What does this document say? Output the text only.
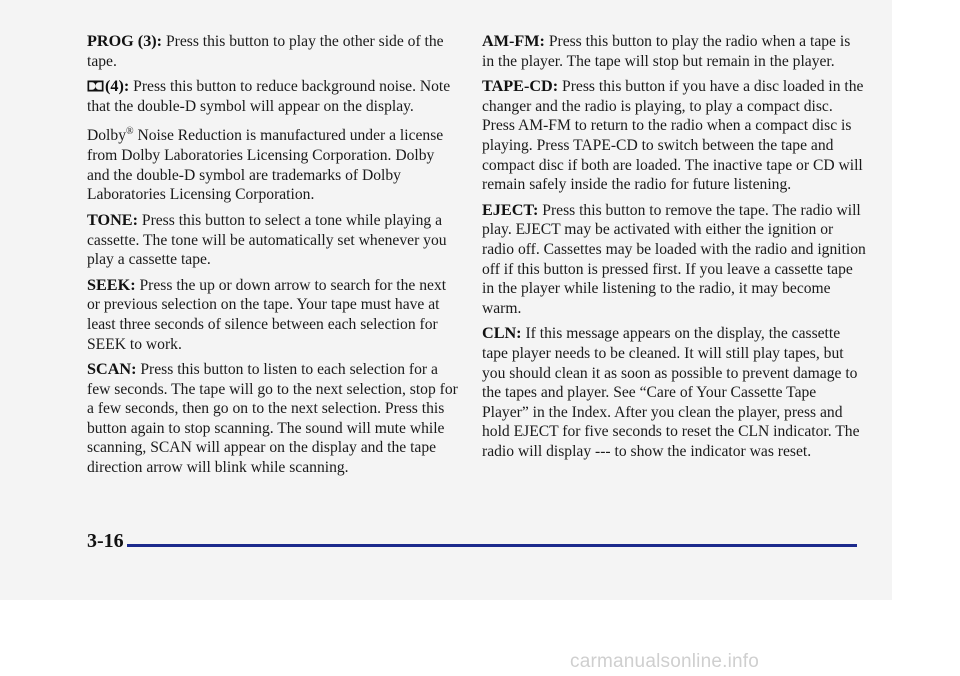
PROG (3): Press this button to play the other side of the tape.

(4): Press this button to reduce background noise. Note that the double-D symbol will appear on the display.

Dolby® Noise Reduction is manufactured under a license from Dolby Laboratories Licensing Corporation. Dolby and the double-D symbol are trademarks of Dolby Laboratories Licensing Corporation.

TONE: Press this button to select a tone while playing a cassette. The tone will be automatically set whenever you play a cassette tape.

SEEK: Press the up or down arrow to search for the next or previous selection on the tape. Your tape must have at least three seconds of silence between each selection for SEEK to work.

SCAN: Press this button to listen to each selection for a few seconds. The tape will go to the next selection, stop for a few seconds, then go on to the next selection. Press this button again to stop scanning. The sound will mute while scanning, SCAN will appear on the display and the tape direction arrow will blink while scanning.

AM-FM: Press this button to play the radio when a tape is in the player. The tape will stop but remain in the player.

TAPE-CD: Press this button if you have a disc loaded in the changer and the radio is playing, to play a compact disc. Press AM-FM to return to the radio when a compact disc is playing. Press TAPE-CD to switch between the tape and compact disc if both are loaded. The inactive tape or CD will remain safely inside the radio for future listening.

EJECT: Press this button to remove the tape. The radio will play. EJECT may be activated with either the ignition or radio off. Cassettes may be loaded with the radio and ignition off if this button is pressed first. If you leave a cassette tape in the player while listening to the radio, it may become warm.

CLN: If this message appears on the display, the cassette tape player needs to be cleaned. It will still play tapes, but you should clean it as soon as possible to prevent damage to the tapes and player. See “Care of Your Cassette Tape Player” in the Index. After you clean the player, press and hold EJECT for five seconds to reset the CLN indicator. The radio will display --- to show the indicator was reset.

3-16
carmanualsonline.info
